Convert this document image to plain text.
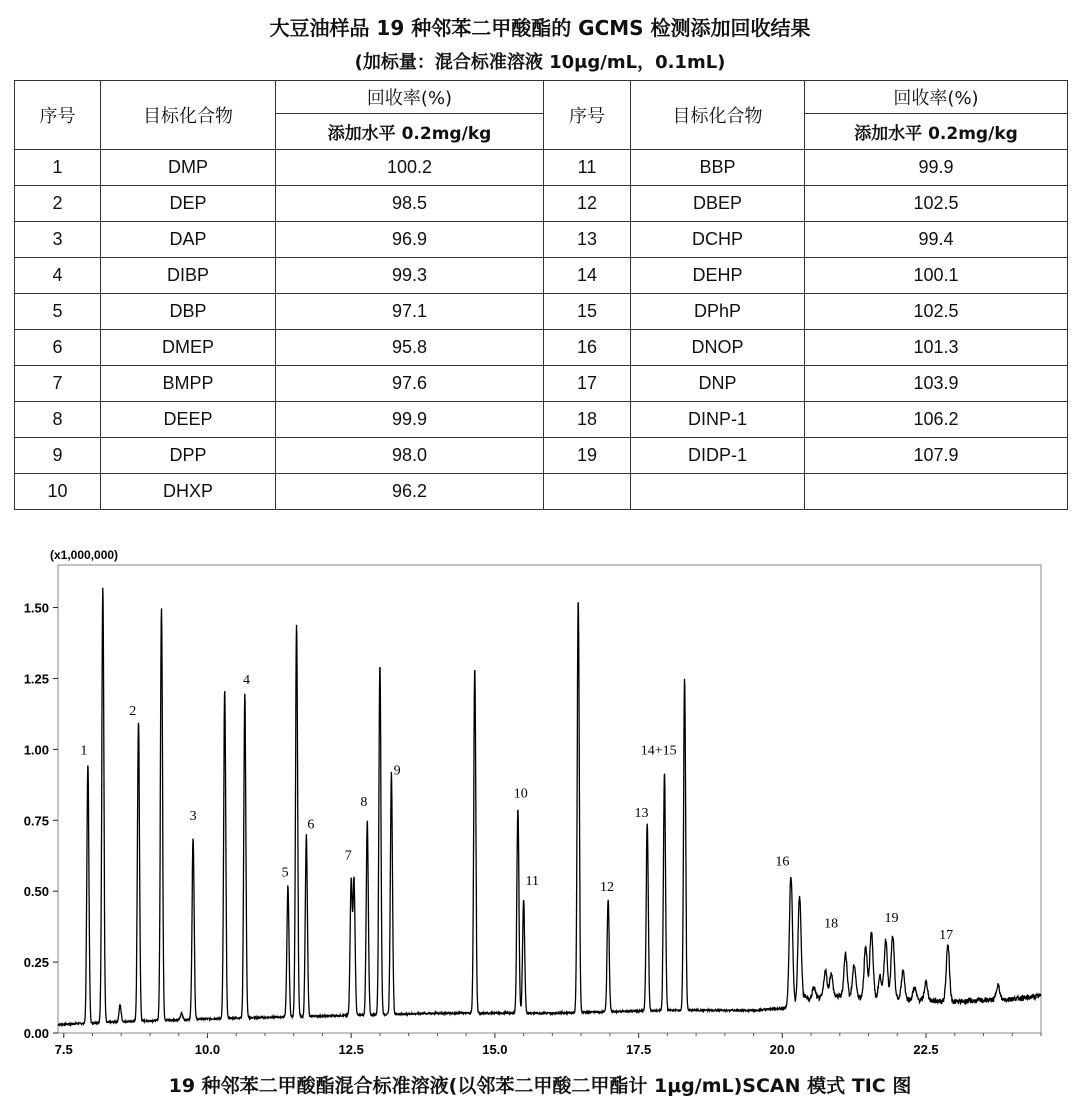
大豆油样品 19 种邻苯二甲酸酯的 GCMS 检测添加回收结果
(加标量：混合标准溶液 10μg/mL，0.1mL)
序号	目标化合物	回收率(%)	序号	目标化合物	回收率(%)
		添加水平 0.2mg/kg			添加水平 0.2mg/kg
1	DMP	100.2	11	BBP	99.9
2	DEP	98.5	12	DBEP	102.5
3	DAP	96.9	13	DCHP	99.4
4	DIBP	99.3	14	DEHP	100.1
5	DBP	97.1	15	DPhP	102.5
6	DMEP	95.8	16	DNOP	101.3
7	BMPP	97.6	17	DNP	103.9
8	DEEP	99.9	18	DINP-1	106.2
9	DPP	98.0	19	DIDP-1	107.9
10	DHXP	96.2			
(x1,000,000)
0.00
0.25
0.50
0.75
1.00
1.25
1.50
7.5	10.0	12.5	15.0	17.5	20.0	22.5
1
2
3
4
5
6
7
8
9
10
11	12
13
14+15
16
18	19
17
19 种邻苯二甲酸酯混合标准溶液(以邻苯二甲酸二甲酯计 1μg/mL)SCAN 模式 TIC 图
